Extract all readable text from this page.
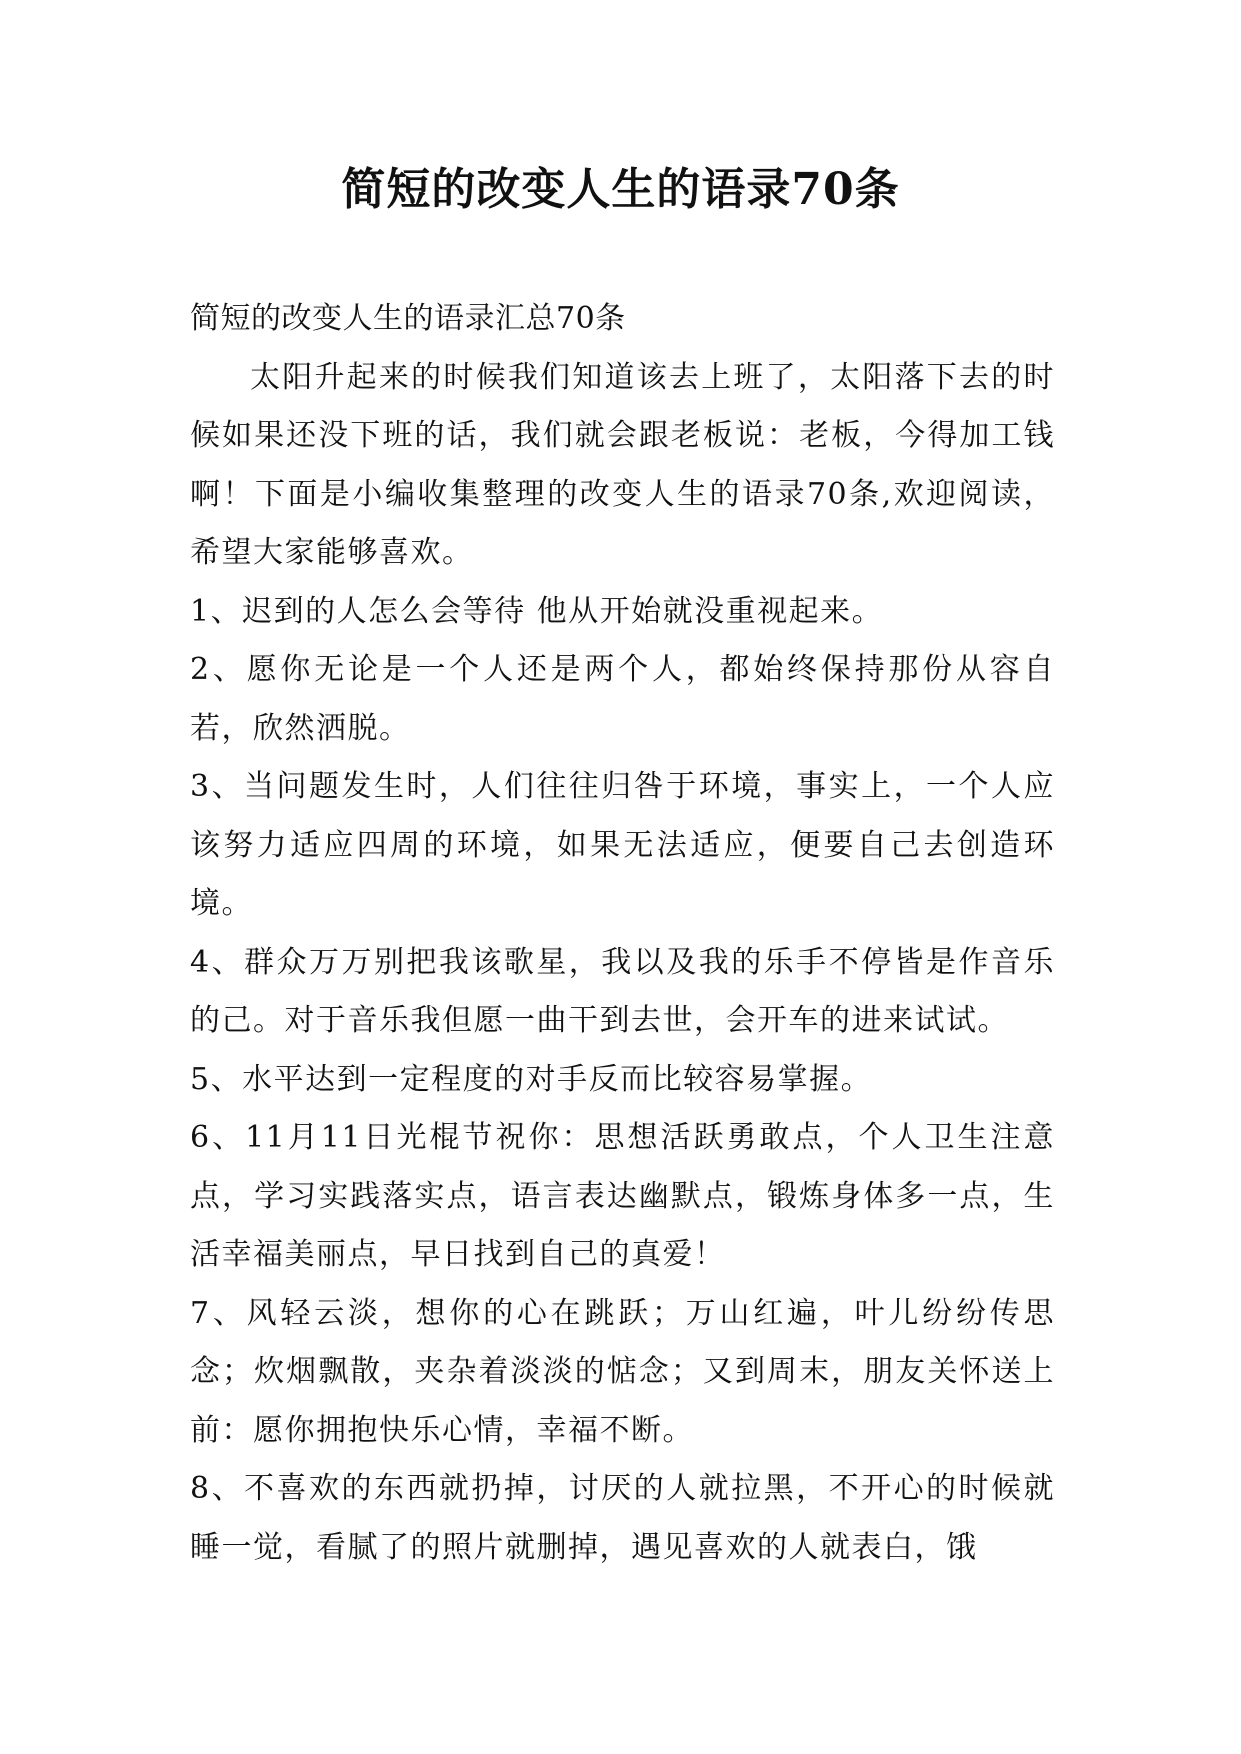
简短的改变人生的语录70条

简短的改变人生的语录汇总70条

太阳升起来的时候我们知道该去上班了，太阳落下去的时候如果还没下班的话，我们就会跟老板说：老板，今得加工钱啊！下面是小编收集整理的改变人生的语录70条,欢迎阅读，希望大家能够喜欢。

1、迟到的人怎么会等待 他从开始就没重视起来。

2、愿你无论是一个人还是两个人，都始终保持那份从容自若，欣然洒脱。

3、当问题发生时，人们往往归咎于环境，事实上，一个人应该努力适应四周的环境，如果无法适应，便要自己去创造环境。

4、群众万万别把我该歌星，我以及我的乐手不停皆是作音乐的己。对于音乐我但愿一曲干到去世，会开车的进来试试。

5、水平达到一定程度的对手反而比较容易掌握。

6、11月11日光棍节祝你：思想活跃勇敢点，个人卫生注意点，学习实践落实点，语言表达幽默点，锻炼身体多一点，生活幸福美丽点，早日找到自己的真爱！

7、风轻云淡，想你的心在跳跃；万山红遍，叶儿纷纷传思念；炊烟飘散，夹杂着淡淡的惦念；又到周末，朋友关怀送上前：愿你拥抱快乐心情，幸福不断。

8、不喜欢的东西就扔掉，讨厌的人就拉黑，不开心的时候就睡一觉，看腻了的照片就删掉，遇见喜欢的人就表白，饿
